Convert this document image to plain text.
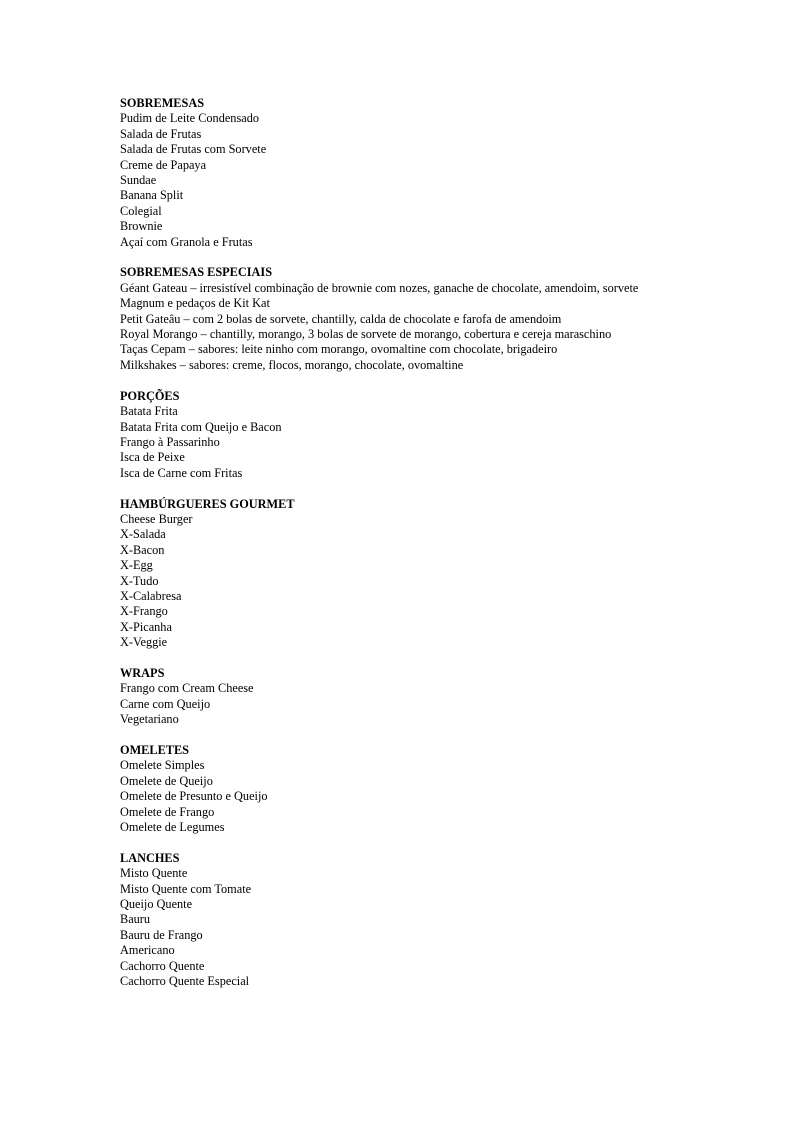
SOBREMESAS
Pudim de Leite Condensado
Salada de Frutas
Salada de Frutas com Sorvete
Creme de Papaya
Sundae
Banana Split
Colegial
Brownie
Açaí com Granola e Frutas
SOBREMESAS ESPECIAIS
Géant Gateau – irresistível combinação de brownie com nozes, ganache de chocolate, amendoim, sorvete Magnum e pedaços de Kit Kat
Petit Gateâu – com 2 bolas de sorvete, chantilly, calda de chocolate e farofa de amendoim
Royal Morango – chantilly, morango, 3 bolas de sorvete de morango, cobertura e cereja maraschino
Taças Cepam – sabores: leite ninho com morango, ovomaltine com chocolate, brigadeiro
Milkshakes – sabores: creme, flocos, morango, chocolate, ovomaltine
PORÇÕES
Batata Frita
Batata Frita com Queijo e Bacon
Frango à Passarinho
Isca de Peixe
Isca de Carne com Fritas
HAMBÚRGUERES GOURMET
Cheese Burger
X-Salada
X-Bacon
X-Egg
X-Tudo
X-Calabresa
X-Frango
X-Picanha
X-Veggie
WRAPS
Frango com Cream Cheese
Carne com Queijo
Vegetariano
OMELETES
Omelete Simples
Omelete de Queijo
Omelete de Presunto e Queijo
Omelete de Frango
Omelete de Legumes
LANCHES
Misto Quente
Misto Quente com Tomate
Queijo Quente
Bauru
Bauru de Frango
Americano
Cachorro Quente
Cachorro Quente Especial
